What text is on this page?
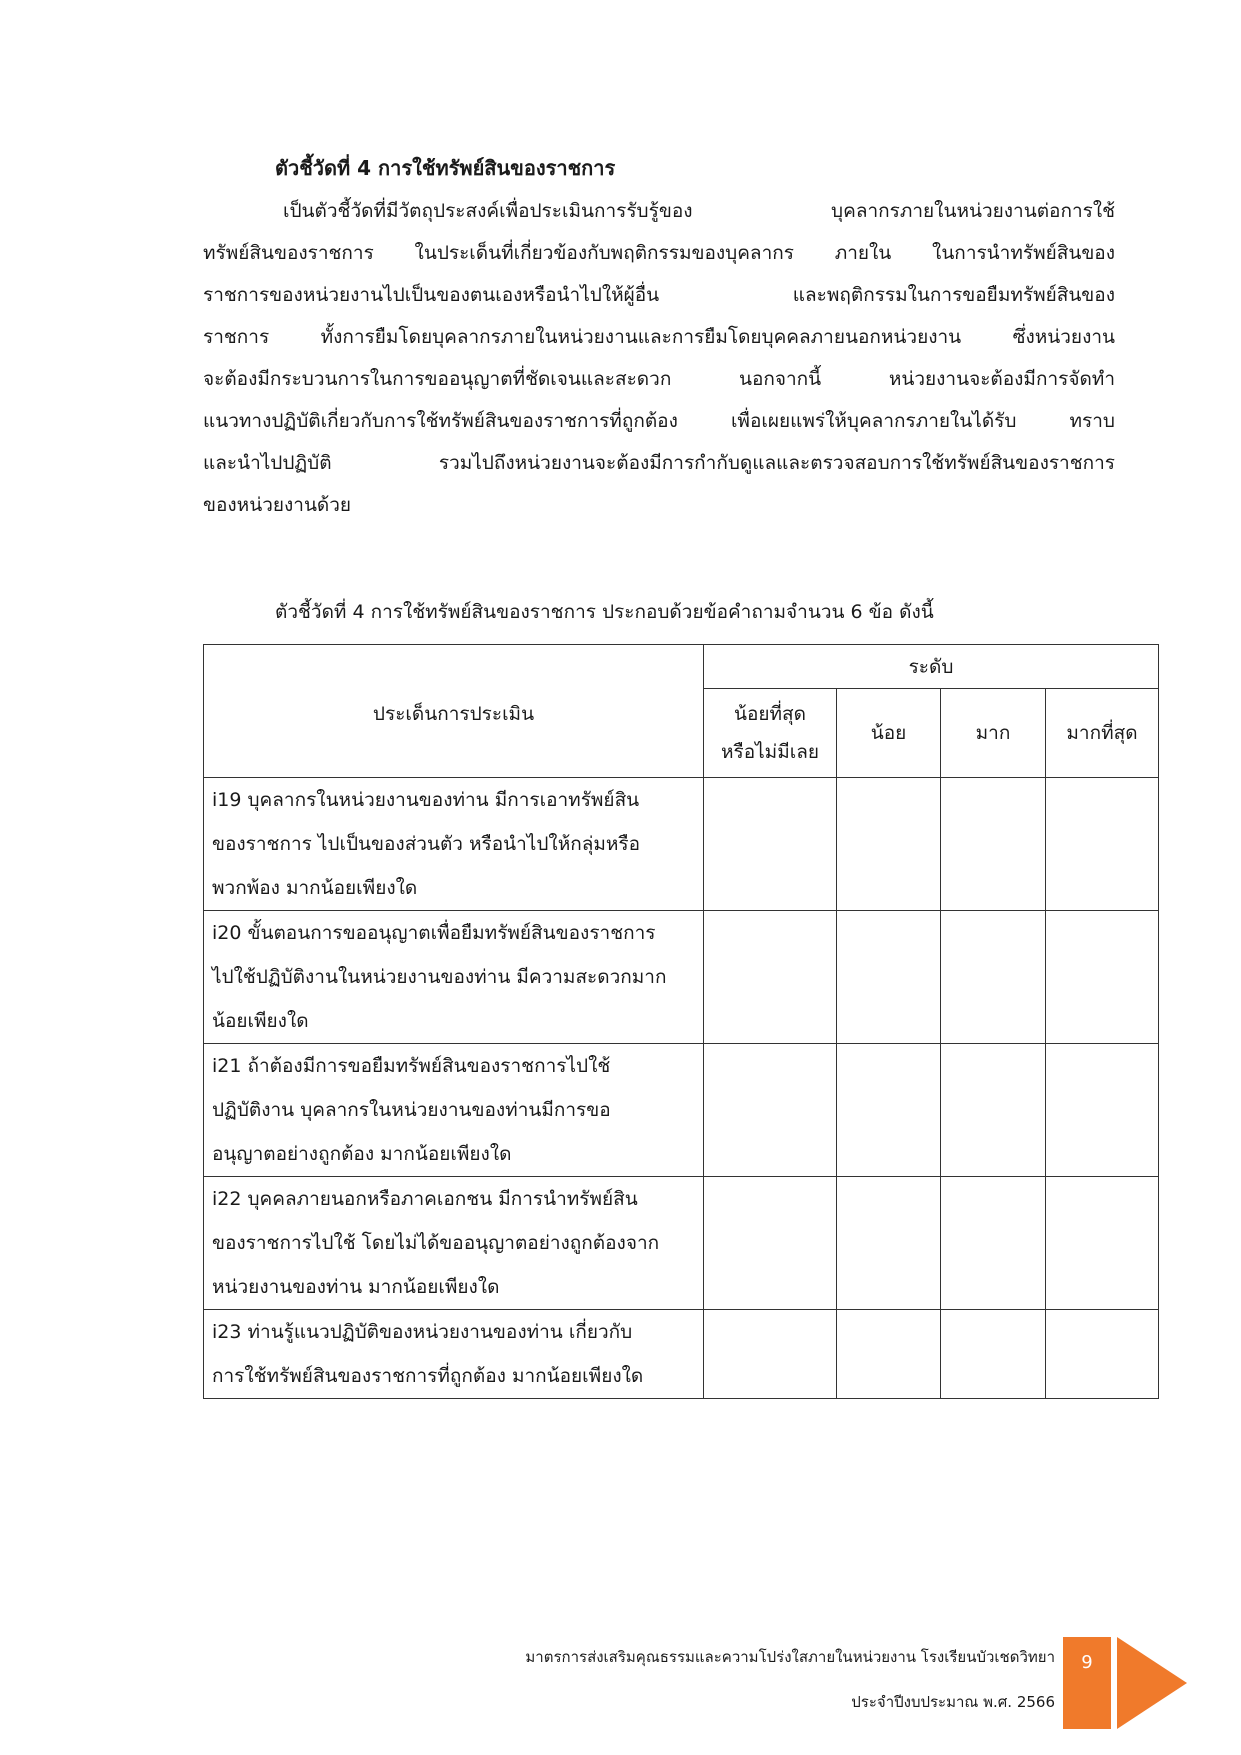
ตัวชี้วัดที่ 4 การใช้ทรัพย์สินของราชการ
เป็นตัวชี้วัดที่มีวัตถุประสงค์เพื่อประเมินการรับรู้ของ บุคลากรภายในหน่วยงานต่อการใช้
ทรัพย์สินของราชการ ในประเด็นที่เกี่ยวข้องกับพฤติกรรมของบุคลากร ภายใน ในการนำทรัพย์สินของ
ราชการของหน่วยงานไปเป็นของตนเองหรือนำไปให้ผู้อื่น และพฤติกรรมในการขอยืมทรัพย์สินของ
ราชการ ทั้งการยืมโดยบุคลากรภายในหน่วยงานและการยืมโดยบุคคลภายนอกหน่วยงาน ซึ่งหน่วยงาน
จะต้องมีกระบวนการในการขออนุญาตที่ชัดเจนและสะดวก นอกจากนี้ หน่วยงานจะต้องมีการจัดทำ
แนวทางปฏิบัติเกี่ยวกับการใช้ทรัพย์สินของราชการที่ถูกต้อง เพื่อเผยแพร่ให้บุคลากรภายในได้รับ ทราบ
และนำไปปฏิบัติ รวมไปถึงหน่วยงานจะต้องมีการกำกับดูแลและตรวจสอบการใช้ทรัพย์สินของราชการ
ของหน่วยงานด้วย
ตัวชี้วัดที่ 4 การใช้ทรัพย์สินของราชการ ประกอบด้วยข้อคำถามจำนวน 6 ข้อ ดังนี้
ประเด็นการประเมิน	ระดับ			
	น้อยที่สุด
หรือไม่มีเลย	น้อย	มาก	มากที่สุด

i19 บุคลากรในหน่วยงานของท่าน มีการเอาทรัพย์สิน
ของราชการ ไปเป็นของส่วนตัว หรือนำไปให้กลุ่มหรือ
พวกพ้อง มากน้อยเพียงใด				

i20 ขั้นตอนการขออนุญาตเพื่อยืมทรัพย์สินของราชการ
ไปใช้ปฏิบัติงานในหน่วยงานของท่าน มีความสะดวกมาก
น้อยเพียงใด				

i21 ถ้าต้องมีการขอยืมทรัพย์สินของราชการไปใช้
ปฏิบัติงาน บุคลากรในหน่วยงานของท่านมีการขอ
อนุญาตอย่างถูกต้อง มากน้อยเพียงใด				

i22 บุคคลภายนอกหรือภาคเอกชน มีการนำทรัพย์สิน
ของราชการไปใช้ โดยไม่ได้ขออนุญาตอย่างถูกต้องจาก
หน่วยงานของท่าน มากน้อยเพียงใด				

i23 ท่านรู้แนวปฏิบัติของหน่วยงานของท่าน เกี่ยวกับ
การใช้ทรัพย์สินของราชการที่ถูกต้อง มากน้อยเพียงใด				

มาตรการส่งเสริมคุณธรรมและความโปร่งใสภายในหน่วยงาน โรงเรียนบัวเชดวิทยา
ประจำปีงบประมาณ พ.ศ. 2566
9
